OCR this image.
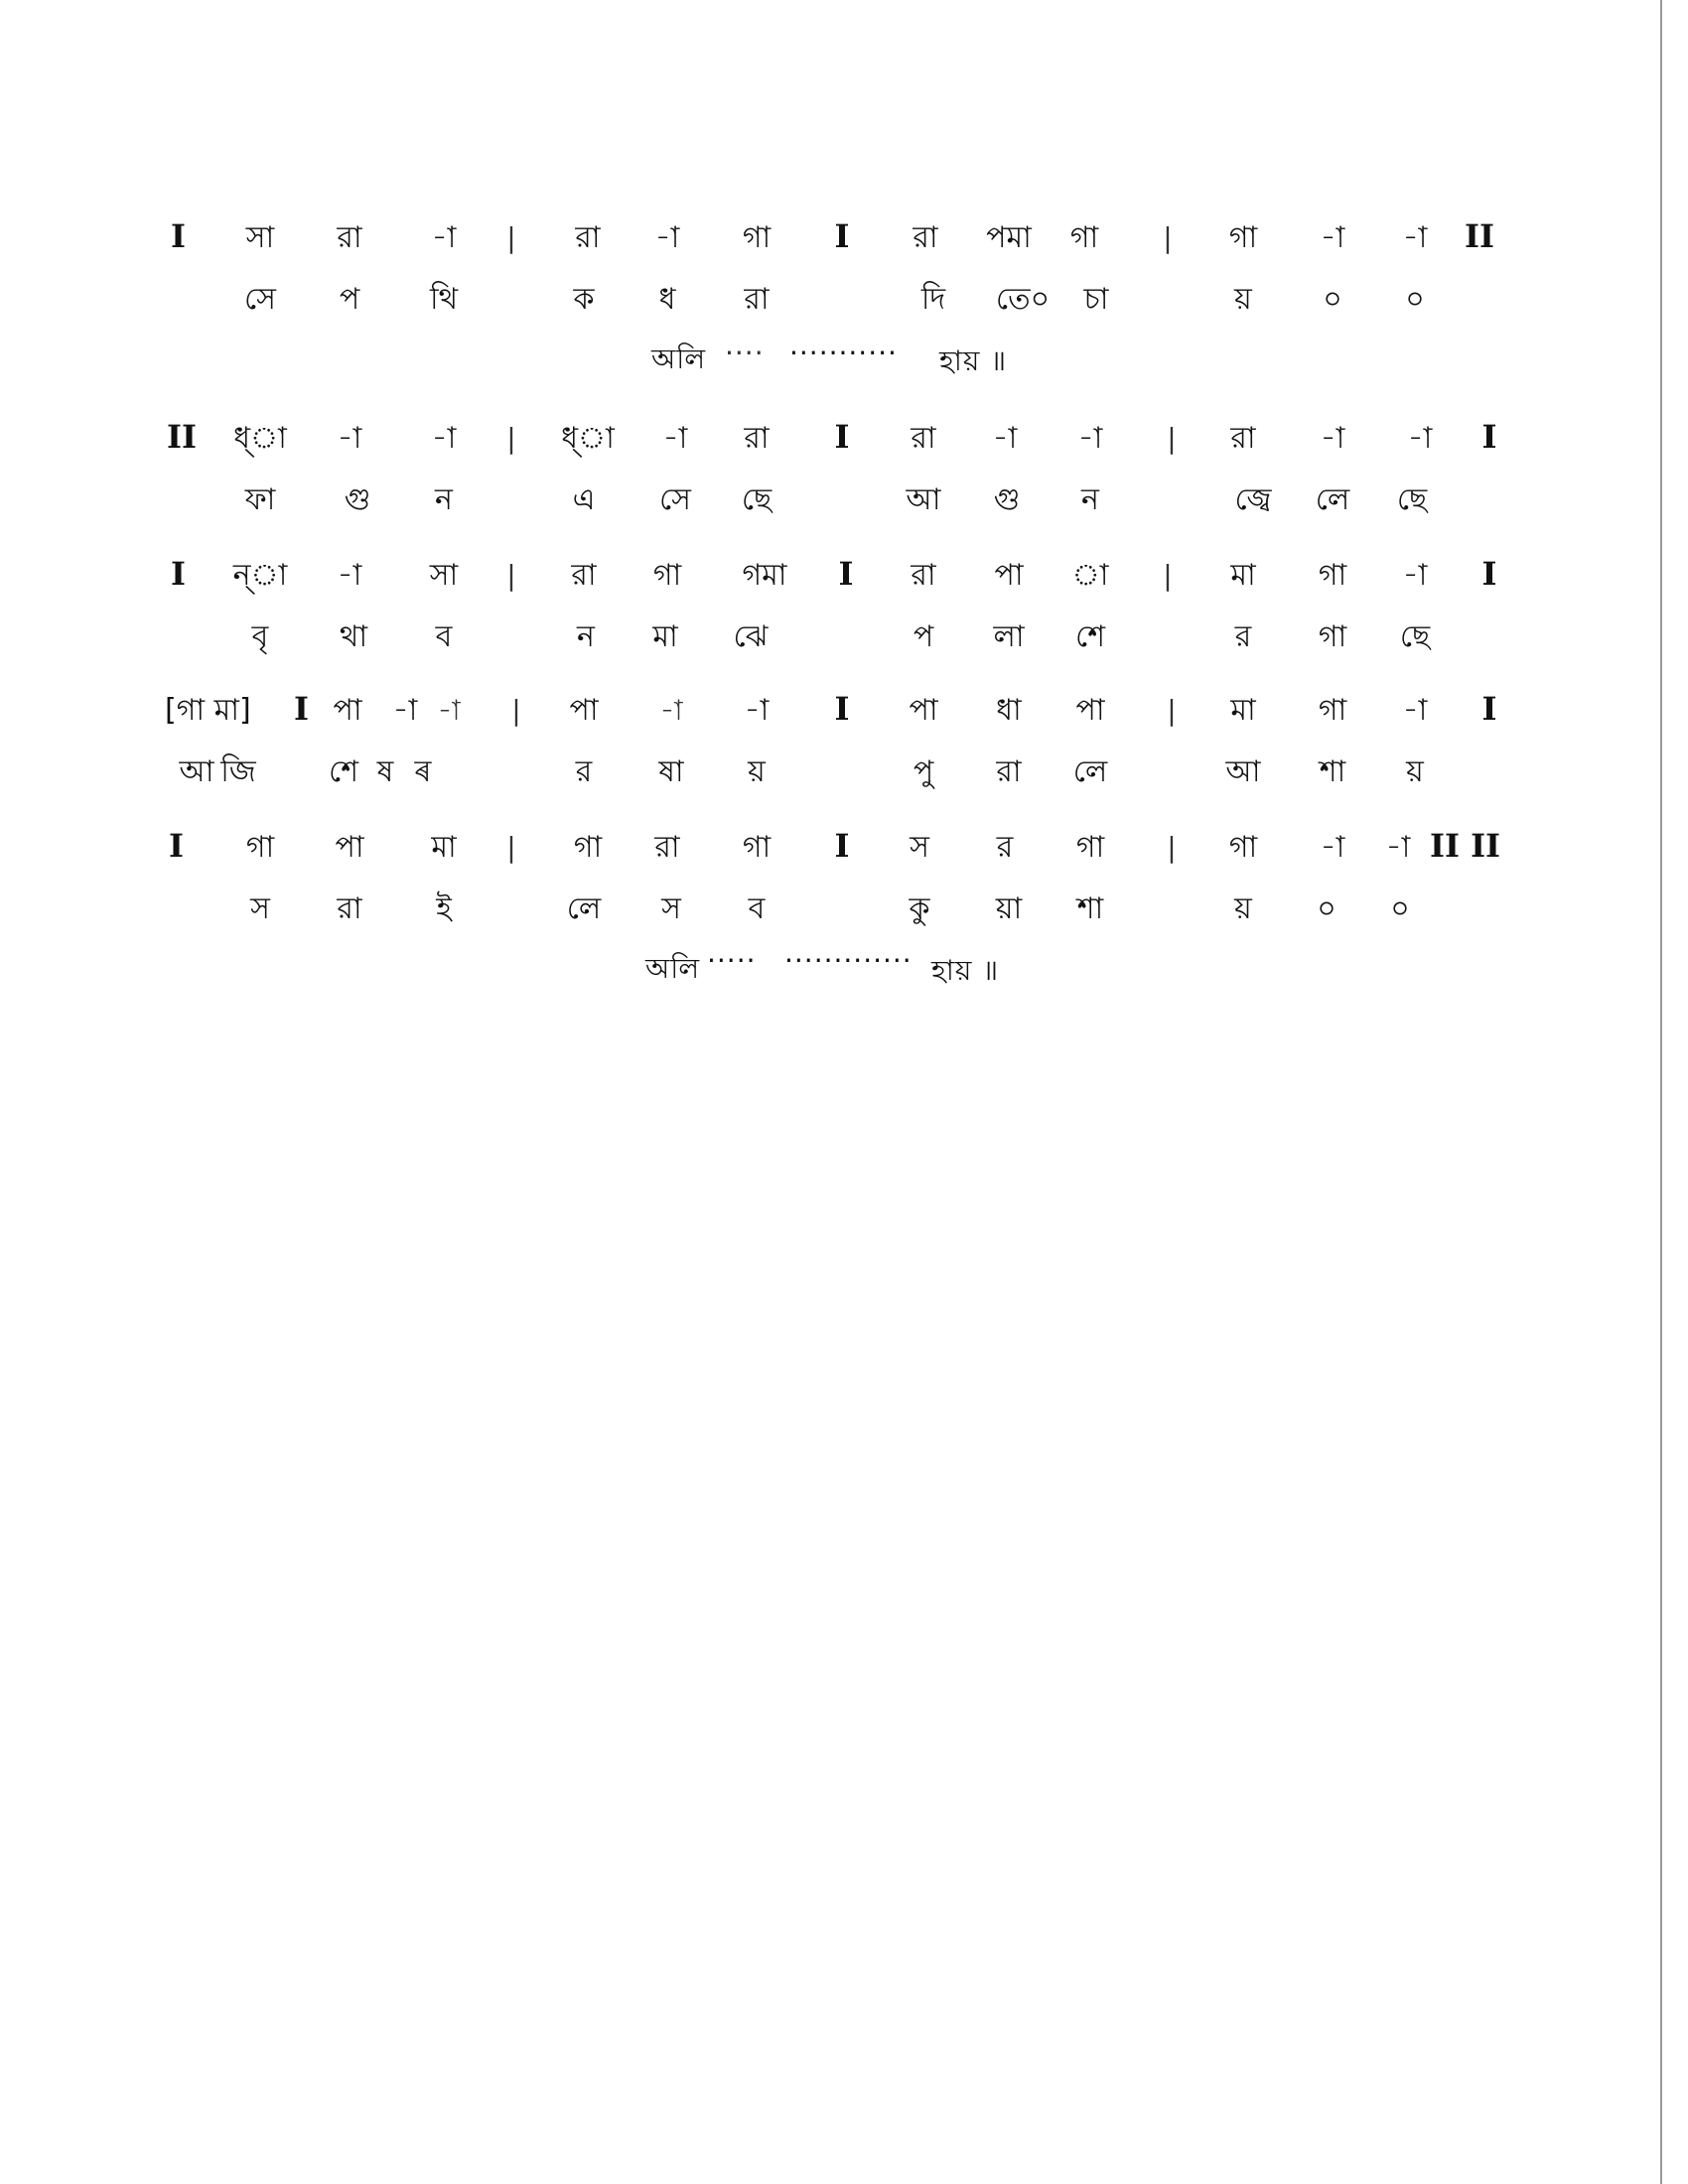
I সা রা -া | রা -া গা I রা পমা গা | গা -া -া II
সে প থি	ক ধ রা	দি তে০ চা	য় ০ ০
অলি ···· ··········· হায় ॥
II ধ্া -া -া | ধ্া -া রা I রা -া -া | রা -া -া I
ফা গু ন	এ সে ছে	আ গু ন	জ্বে লে ছে
I ন্া -া সা | রা গা গমা I রা পা া | মা গা -া I
বৃ থা ব	ন মা ঝে	প লা শে	র গা ছে
[গা মা] I পা -া -া | পা -া -া I পা ধা পা | মা গা -া I
আ জি শে ষ ৰ	র ষা য়	পু রা লে	আ শা য়
I গা পা মা | গা রা গা I স র গা | গা -া -া II II
স রা ই	লে স ব	কু য়া শা	য় ০ ০
অলি ····· ············· হায় ॥
